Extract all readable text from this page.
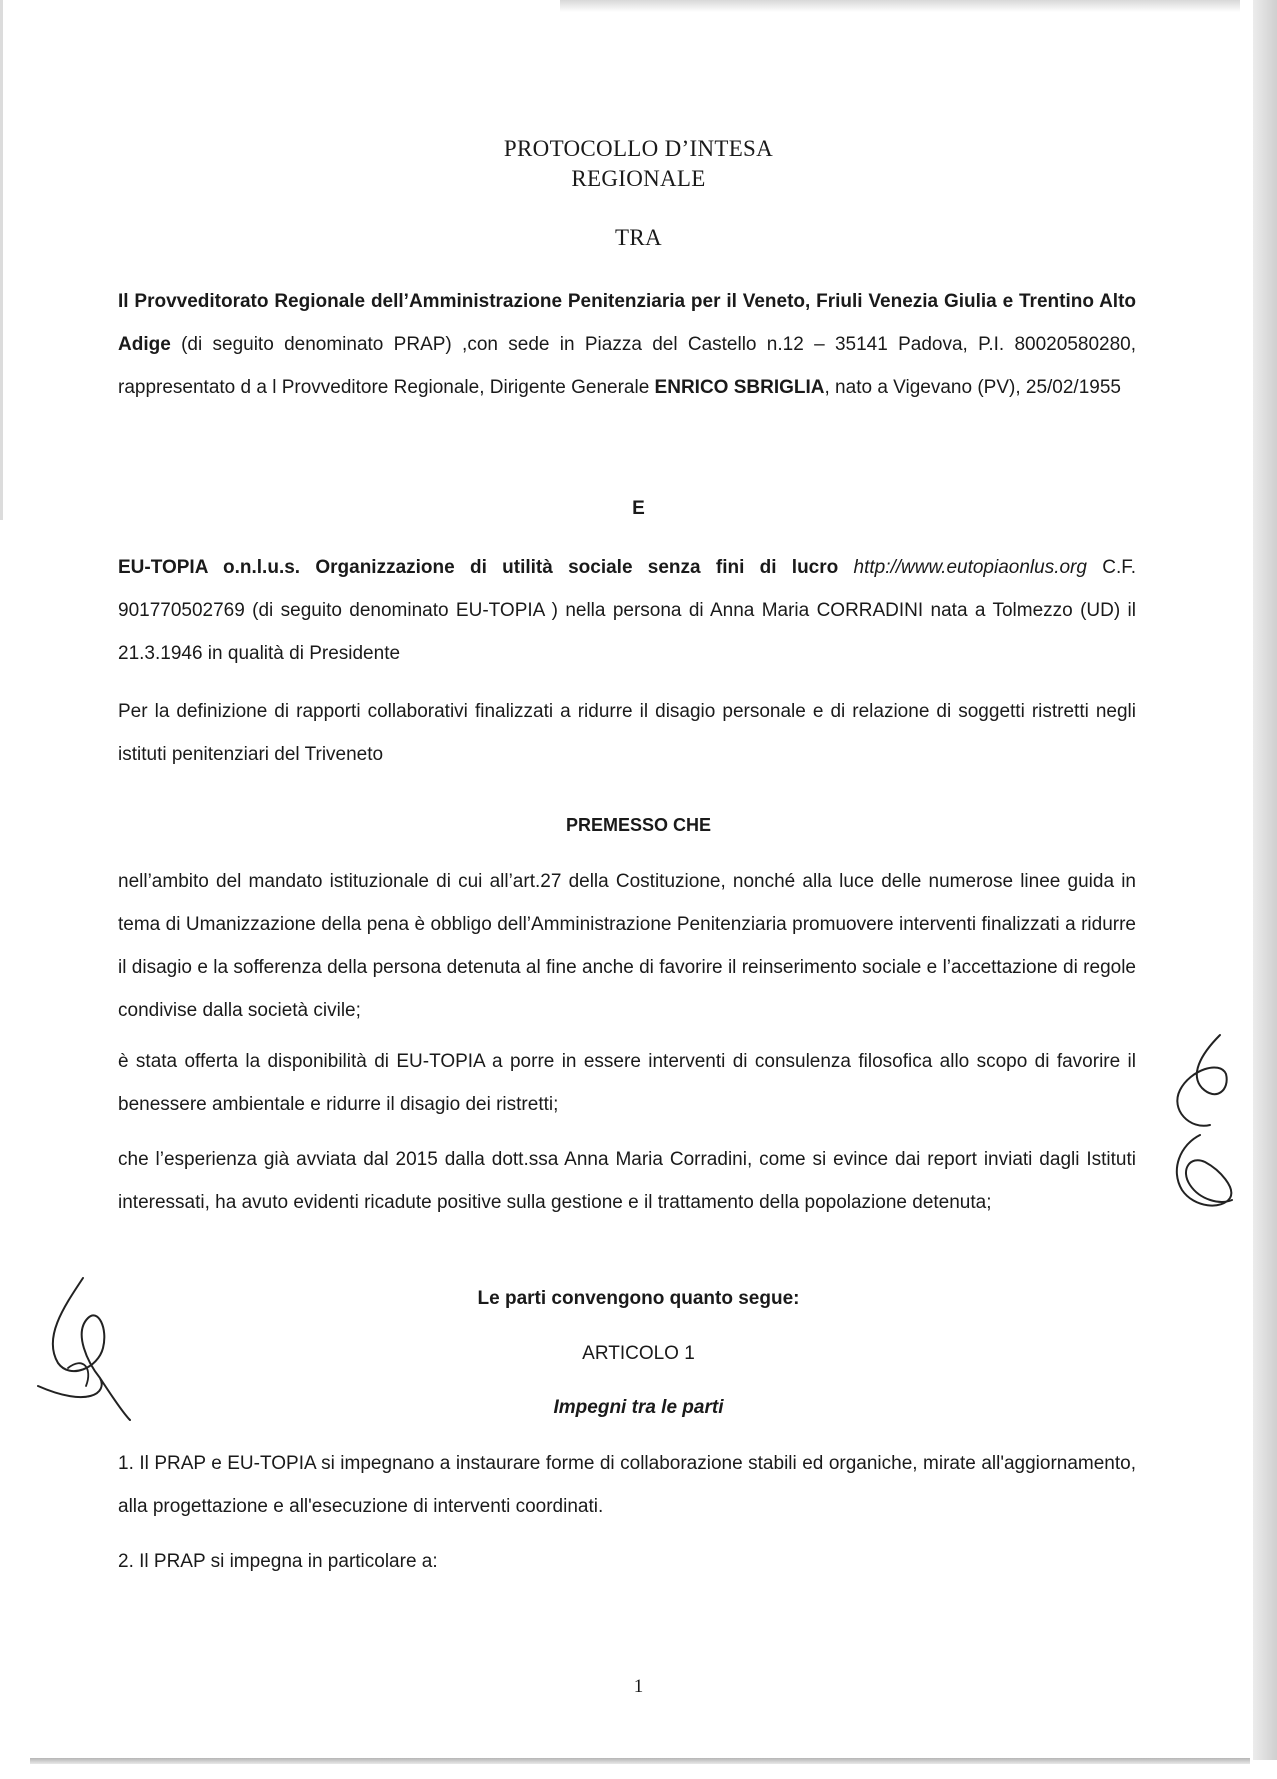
PROTOCOLLO D’INTESA
REGIONALE
TRA

Il Provveditorato Regionale dell’Amministrazione Penitenziaria per il Veneto, Friuli Venezia Giulia e Trentino Alto Adige (di seguito denominato PRAP) ,con sede in Piazza del Castello n.12 – 35141 Padova, P.I. 80020580280, rappresentato d a l Provveditore Regionale, Dirigente Generale ENRICO SBRIGLIA, nato a Vigevano (PV), 25/02/1955

E

EU-TOPIA o.n.l.u.s. Organizzazione di utilità sociale senza fini di lucro http://www.eutopiaonlus.org C.F. 901770502769 (di seguito denominato EU-TOPIA ) nella persona di Anna Maria CORRADINI nata a Tolmezzo (UD) il 21.3.1946 in qualità di Presidente

Per la definizione di rapporti collaborativi finalizzati a ridurre il disagio personale e di relazione di soggetti ristretti negli istituti penitenziari del Triveneto

PREMESSO CHE

nell’ambito del mandato istituzionale di cui all’art.27 della Costituzione, nonché alla luce delle numerose linee guida in tema di Umanizzazione della pena è obbligo dell’Amministrazione Penitenziaria promuovere interventi finalizzati a ridurre il disagio e la sofferenza della persona detenuta al fine anche di favorire il reinserimento sociale e l’accettazione di regole condivise dalla società civile;

è stata offerta la disponibilità di EU-TOPIA a porre in essere interventi di consulenza filosofica allo scopo di favorire il benessere ambientale e ridurre il disagio dei ristretti;

che l’esperienza già avviata dal 2015 dalla dott.ssa Anna Maria Corradini, come si evince dai report inviati dagli Istituti interessati, ha avuto evidenti ricadute positive sulla gestione e il trattamento della popolazione detenuta;

Le parti convengono quanto segue:
ARTICOLO 1
Impegni tra le parti

1. Il PRAP e EU-TOPIA si impegnano a instaurare forme di collaborazione stabili ed organiche, mirate all'aggiornamento, alla progettazione e all'esecuzione di interventi coordinati.

2. Il PRAP si impegna in particolare a:

1
